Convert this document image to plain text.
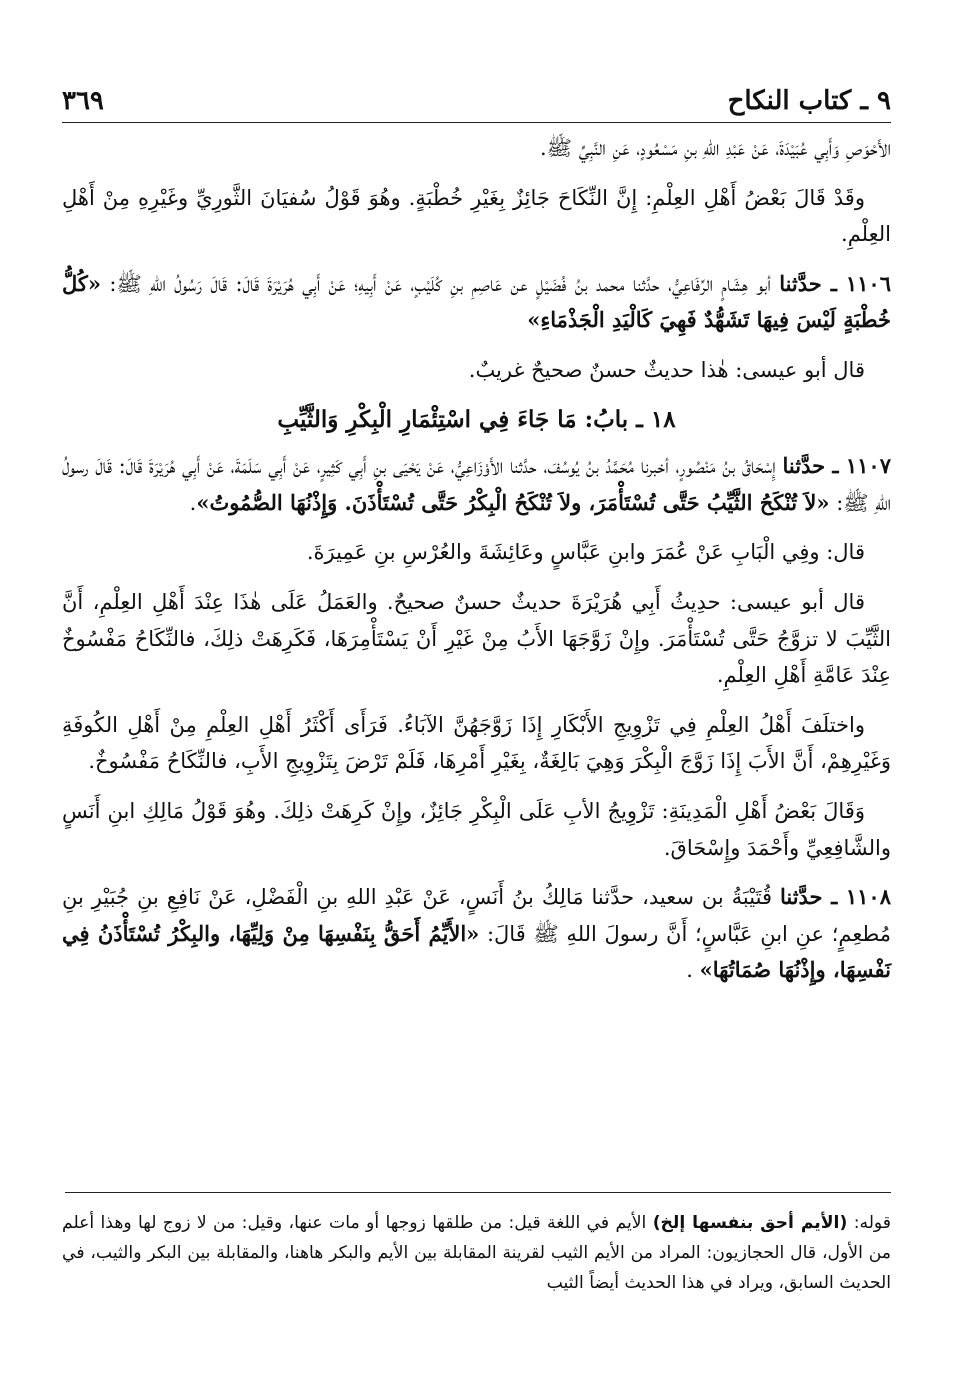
٩ ـ كتاب النكاح
٣٦٩

الأَحْوَصِ وَأَبِي عُبَيْدَةَ، عَنْ عَبْدِ اللهِ بنِ مَسْعُودٍ، عَنِ النَّبِيِّ ﷺ.

وقَدْ قَالَ بَعْضُ أَهْلِ العِلْمِ: إِنَّ النِّكَاحَ جَائِزٌ بِغَيْرِ خُطْبَةٍ. وهُوَ قَوْلُ سُفيَانَ الثَّورِيِّ وغَيْرِهِ مِنْ أَهْلِ العِلْمِ.

١١٠٦ ـ حدَّثنا أبو هِشَامٍ الرِّفَاعِيُّ، حدَّثنا محمد بنُ فُضَيْلٍ عن عَاصِمِ بنِ كُلَيْبٍ، عَنْ أَبِيهِ؛ عَنْ أَبِي هُرَيْرَةَ قَالَ: قَالَ رَسُولُ اللهِ ﷺ: «كُلُّ خُطْبَةٍ لَيْسَ فِيهَا تَشَهُّدٌ فَهِيَ كَالْيَدِ الْجَذْمَاءِ»

قال أبو عيسى: هٰذا حديثٌ حسنٌ صحيحٌ غريبٌ.

١٨ ـ بابُ: مَا جَاءَ فِي اسْتِئْمَارِ الْبِكْرِ وَالثَّيِّبِ

١١٠٧ ـ حدَّثنا إِسْحَاقُ بنُ مَنْصُورٍ، أخبرنا مُحَمَّدُ بنُ يُوسُفَ، حدَّثنا الأَوْزَاعِيُّ، عَنْ يَحْيَى بنِ أَبِي كَثِيرٍ، عَنْ أَبِي سَلَمَةَ، عَنْ أَبِي هُرَيْرَةَ قَالَ: قَالَ رسولُ اللهِ ﷺ: «لاَ تُنْكَحُ الثَّيِّبُ حَتَّى تُسْتَأْمَرَ، ولاَ تُنْكَحُ الْبِكْرُ حَتَّى تُسْتَأْذَنَ. وَإِذْنُهَا الصُّمُوتُ».

قال: وفِي الْبَابِ عَنْ عُمَرَ وابنِ عَبَّاسٍ وعَائِشَةَ والعُرْسِ بنِ عَمِيرَةَ.

قال أبو عيسى: حدِيثُ أَبِي هُرَيْرَةَ حديثٌ حسنٌ صحيحٌ. والعَمَلُ عَلَى هٰذَا عِنْدَ أَهْلِ العِلْمِ، أَنَّ الثَّيِّبَ لا تزوَّجُ حَتَّى تُسْتَأْمَرَ. وإِنْ زَوَّجَهَا الأَبُ مِنْ غَيْرِ أَنْ يَسْتَأْمِرَهَا، فَكَرِهَتْ ذلِكَ، فالنِّكَاحُ مَفْسُوخٌ عِنْدَ عَامَّةِ أَهْلِ العِلْمِ.

واختلَفَ أَهْلُ العِلْمِ فِي تَزْوِيجِ الأَبْكَارِ إِذَا زَوَّجَهُنَّ الآبَاءُ. فَرَأَى أَكْثَرُ أَهْلِ العِلْمِ مِنْ أَهْلِ الكُوفَةِ وَغَيْرِهِمْ، أَنَّ الأَبَ إِذَا زَوَّجَ الْبِكْرَ وَهِيَ بَالِغَةٌ، بِغَيْرِ أَمْرِهَا، فَلَمْ تَرْضَ بِتَزْوِيجِ الأَبِ، فالنِّكَاحُ مَفْسُوخٌ.

وَقَالَ بَعْضُ أَهْلِ الْمَدِينَةِ: تَزْوِيجُ الأبِ عَلَى الْبِكْرِ جَائِزٌ، وإِنْ كَرِهَتْ ذلِكَ. وهُوَ قَوْلُ مَالِكِ ابنِ أَنَسٍ والشَّافِعِيِّ وأَحْمَدَ وإِسْحَاقَ.

١١٠٨ ـ حدَّثنا قُتَيْبَةُ بن سعيد، حدَّثنا مَالِكُ بنُ أَنَسٍ، عَنْ عَبْدِ اللهِ بنِ الْفَضْلِ، عَنْ نَافِعِ بنِ جُبَيْرِ بنِ مُطعِمٍ؛ عنِ ابنِ عَبَّاسٍ؛ أَنَّ رسولَ اللهِ ﷺ قَالَ: «الأَيِّمُ أَحَقُّ بِنَفْسِهَا مِنْ وَلِيِّهَا، والبِكْرُ تُسْتَأْذَنُ فِي نَفْسِهَا، وإِذْنُهَا صُمَاتُهَا» .

قوله: (الأيم أحق بنفسها إلخ) الأيم في اللغة قيل: من طلقها زوجها أو مات عنها، وقيل: من لا زوج لها وهذا أعلم من الأول، قال الحجازيون: المراد من الأيم الثيب لقرينة المقابلة بين الأيم والبكر هاهنا، والمقابلة بين البكر والثيب، في الحديث السابق، ويراد في هذا الحديث أيضاً الثيب
